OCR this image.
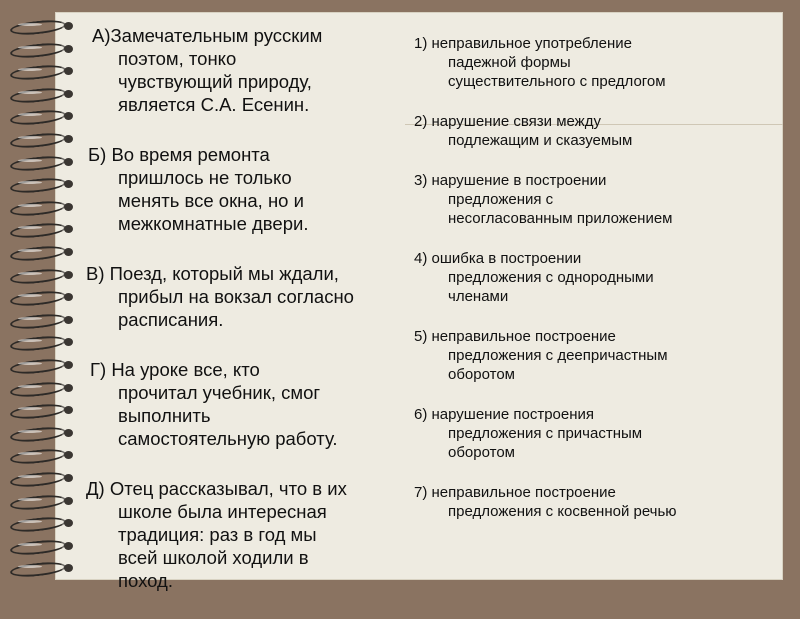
А)Замечательным русским

поэтом, тонко

чувствующий природу,

является С.А. Есенин.

Б) Во время ремонта

пришлось не только

менять все окна, но и

межкомнатные двери.

В) Поезд, который мы ждали,

прибыл на вокзал согласно

расписания.

Г) На уроке все, кто

прочитал учебник, смог

выполнить

самостоятельную работу.

Д) Отец рассказывал, что в их

школе была интересная

традиция: раз в год мы

всей школой ходили в

поход.

1) неправильное употребление

падежной формы

существительного с предлогом

2) нарушение связи между

подлежащим и сказуемым

3) нарушение в построении

предложения с

несогласованным приложением

4) ошибка в построении

предложения с однородными

членами

5) неправильное построение

предложения с деепричастным

оборотом

6) нарушение построения

предложения с причастным

оборотом

7) неправильное построение

предложения с косвенной речью
